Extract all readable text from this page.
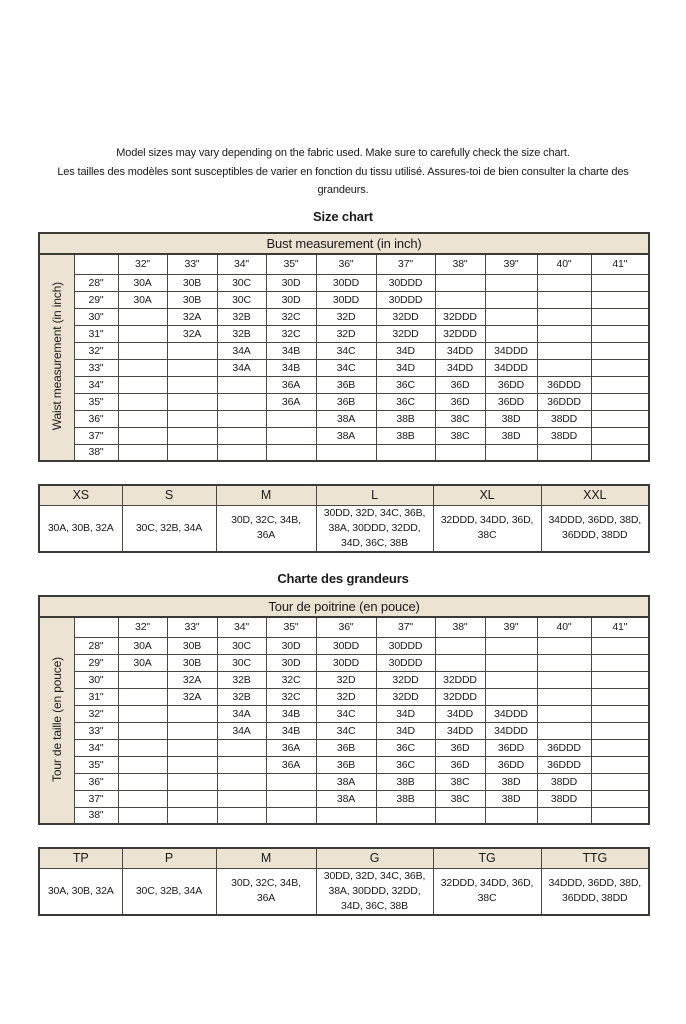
Model sizes may vary depending on the fabric used. Make sure to carefully check the size chart.
Les tailles des modèles sont susceptibles de varier en fonction du tissu utilisé. Assures-toi de bien consulter la charte des grandeurs.
Size chart
Bust measurement (in inch)											
Waist measurement (in inch)		32"	33"	34"	35"	36"	37"	38"	39"	40"	41"
	28"	30A	30B	30C	30D	30DD	30DDD				
	29"	30A	30B	30C	30D	30DD	30DDD				
	30"		32A	32B	32C	32D	32DD	32DDD			
	31"		32A	32B	32C	32D	32DD	32DDD			
	32"			34A	34B	34C	34D	34DD	34DDD		
	33"			34A	34B	34C	34D	34DD	34DDD		
	34"				36A	36B	36C	36D	36DD	36DDD	
	35"				36A	36B	36C	36D	36DD	36DDD	
	36"					38A	38B	38C	38D	38DD	
	37"					38A	38B	38C	38D	38DD	
	38"										
XS	S	M	L	XL	XXL
30A, 30B, 32A	30C, 32B, 34A	30D, 32C, 34B, 36A	30DD, 32D, 34C, 36B, 38A, 30DDD, 32DD, 34D, 36C, 38B	32DDD, 34DD, 36D, 38C	34DDD, 36DD, 38D, 36DDD, 38DD
Charte des grandeurs
Tour de poitrine (en pouce)											
Tour de taille (en pouce)		32"	33"	34"	35"	36"	37"	38"	39"	40"	41"
	28"	30A	30B	30C	30D	30DD	30DDD				
	29"	30A	30B	30C	30D	30DD	30DDD				
	30"		32A	32B	32C	32D	32DD	32DDD			
	31"		32A	32B	32C	32D	32DD	32DDD			
	32"			34A	34B	34C	34D	34DD	34DDD		
	33"			34A	34B	34C	34D	34DD	34DDD		
	34"				36A	36B	36C	36D	36DD	36DDD	
	35"				36A	36B	36C	36D	36DD	36DDD	
	36"					38A	38B	38C	38D	38DD	
	37"					38A	38B	38C	38D	38DD	
	38"										
TP	P	M	G	TG	TTG
30A, 30B, 32A	30C, 32B, 34A	30D, 32C, 34B, 36A	30DD, 32D, 34C, 36B, 38A, 30DDD, 32DD, 34D, 36C, 38B	32DDD, 34DD, 36D, 38C	34DDD, 36DD, 38D, 36DDD, 38DD
